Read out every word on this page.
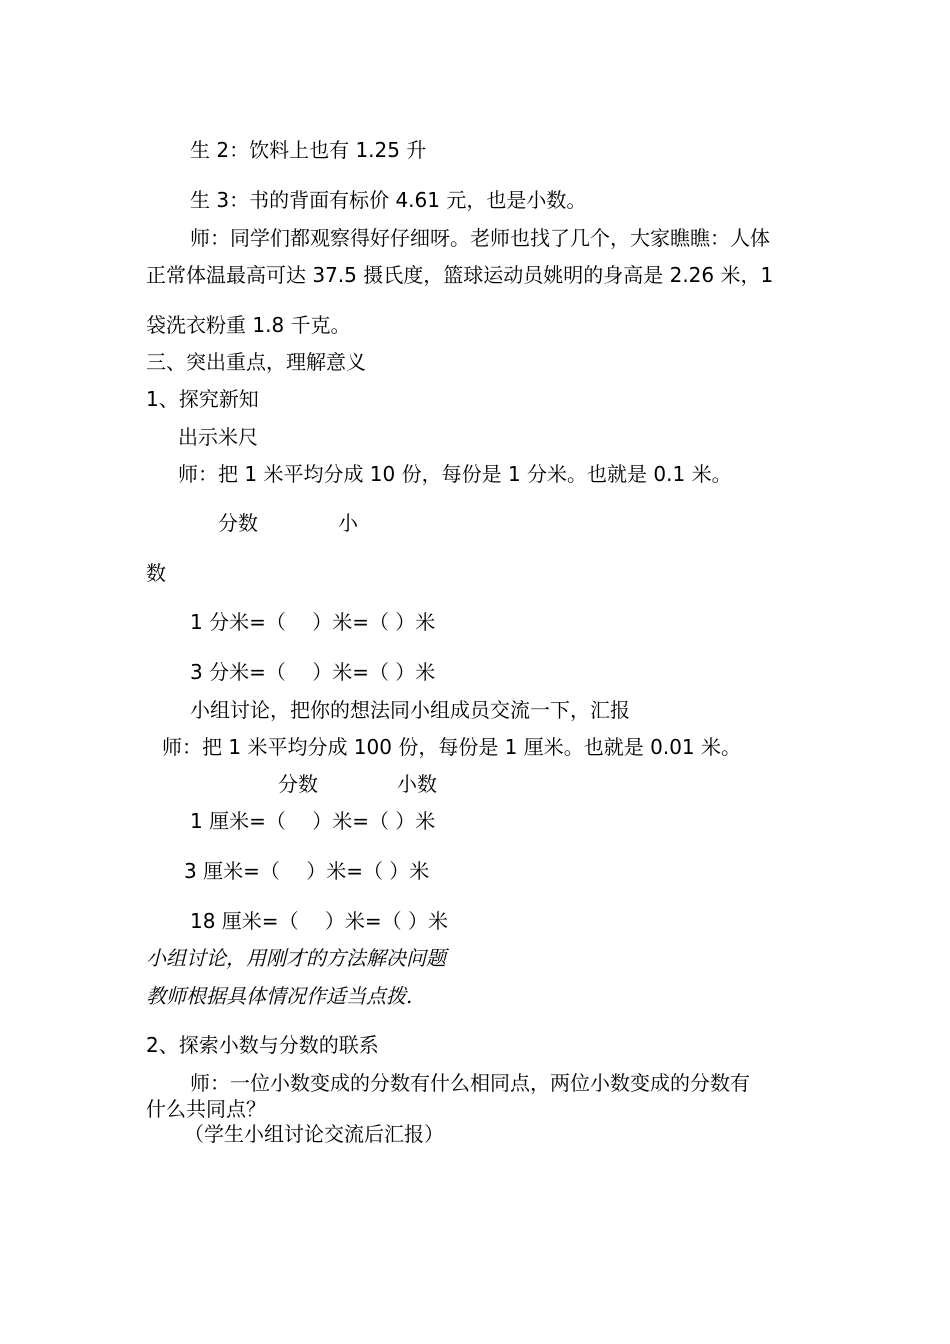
生 2：饮料上也有 1.25 升
生 3：书的背面有标价 4.61 元，也是小数。
师：同学们都观察得好仔细呀。老师也找了几个，大家瞧瞧：人体
正常体温最高可达 37.5 摄氏度，篮球运动员姚明的身高是 2.26 米，1
袋洗衣粉重 1.8 千克。
三、突出重点，理解意义
1、探究新知
出示米尺
师：把 1 米平均分成 10 份，每份是 1 分米。也就是 0.1 米。
分数	小
数
1 分米=（　 ）米=（ ）米
3 分米=（　 ）米=（ ）米
小组讨论，把你的想法同小组成员交流一下，汇报
师：把 1 米平均分成 100 份，每份是 1 厘米。也就是 0.01 米。
分数	小数
1 厘米=（　 ）米=（ ）米
3 厘米=（　 ）米=（ ）米
18 厘米=（　 ）米=（ ）米
小组讨论，用刚才的方法解决问题
教师根据具体情况作适当点拨.
2、探索小数与分数的联系
师：一位小数变成的分数有什么相同点，两位小数变成的分数有
什么共同点？
（学生小组讨论交流后汇报）
